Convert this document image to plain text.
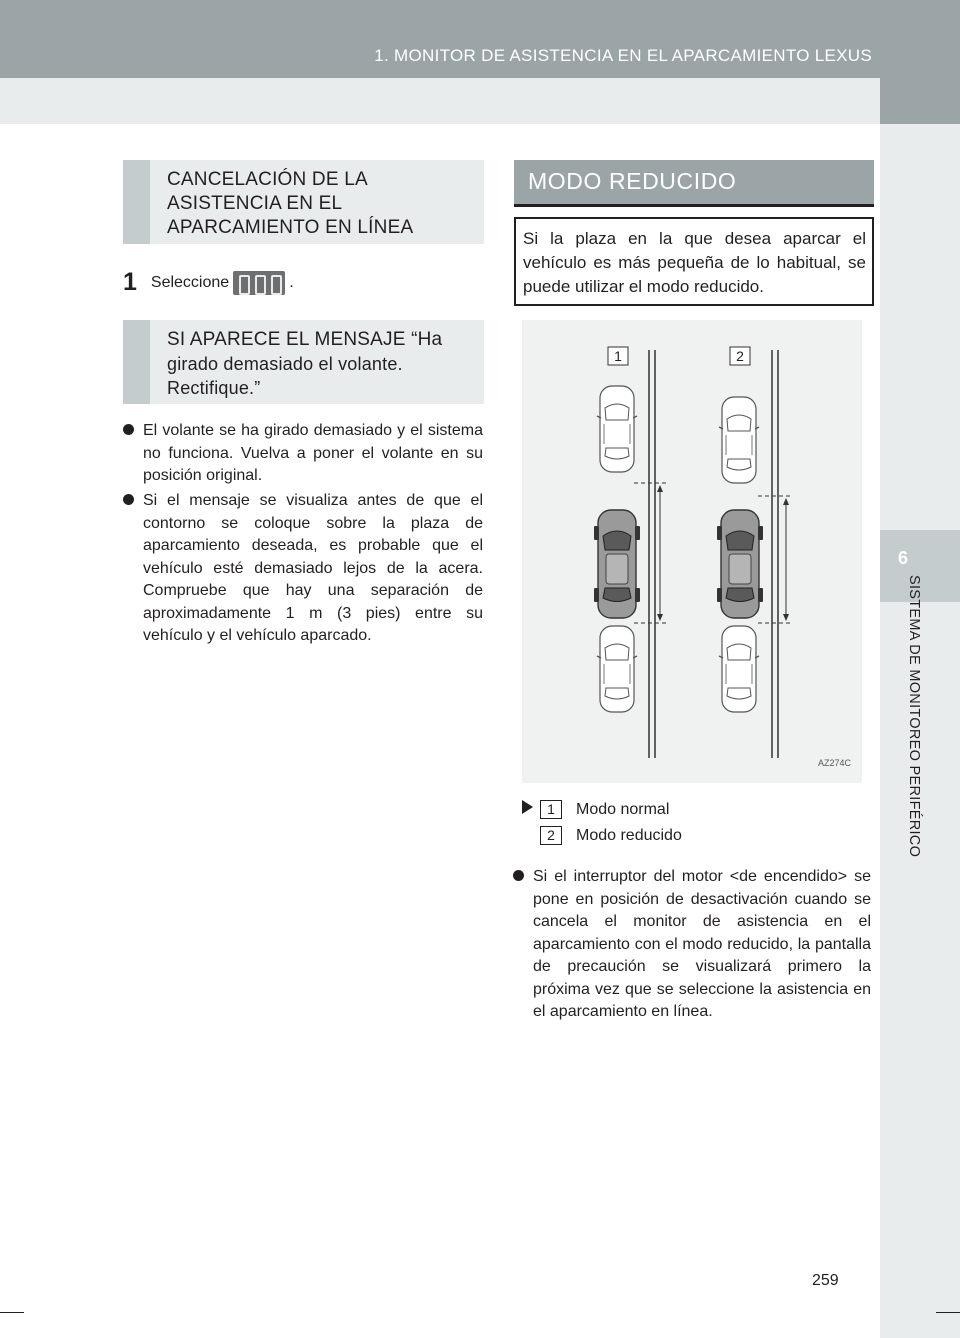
1. MONITOR DE ASISTENCIA EN EL APARCAMIENTO LEXUS
6
SISTEMA DE MONITOREO PERIFÉRICO
CANCELACIÓN DE LA ASISTENCIA EN EL APARCAMIENTO EN LÍNEA
1 Seleccione	.
SI APARECE EL MENSAJE “Ha
girado demasiado el volante.
Rectifique.”
El volante se ha girado demasiado y el sistema no funciona. Vuelva a poner el volante en su posición original.
Si el mensaje se visualiza antes de que el contorno se coloque sobre la plaza de aparcamiento deseada, es probable que el vehículo esté demasiado lejos de la acera. Compruebe que hay una separación de aproximadamente 1 m (3 pies) entre su vehículo y el vehículo aparcado.
MODO REDUCIDO
Si la plaza en la que desea aparcar el vehículo es más pequeña de lo habitual, se puede utilizar el modo reducido.
1	2
AZ274C
1	Modo normal
2	Modo reducido
Si el interruptor del motor <de encendido> se pone en posición de desactivación cuando se cancela el monitor de asistencia en el aparcamiento con el modo reducido, la pantalla de precaución se visualizará primero la próxima vez que se seleccione la asistencia en el aparcamiento en línea.
259
